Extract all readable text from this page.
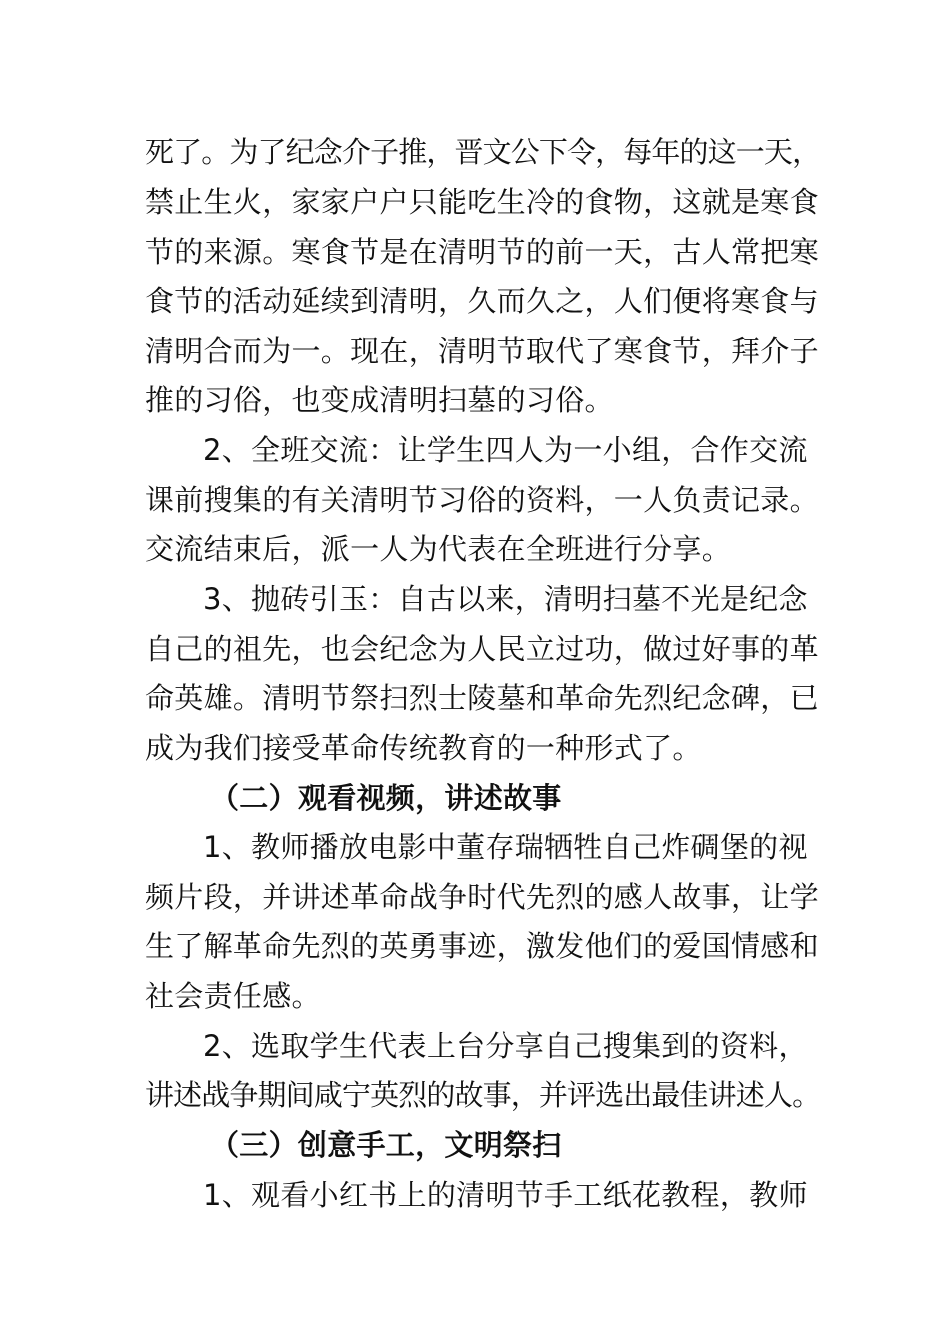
死了。为了纪念介子推，晋文公下令，每年的这一天，
禁止生火，家家户户只能吃生冷的食物，这就是寒食
节的来源。寒食节是在清明节的前一天，古人常把寒
食节的活动延续到清明，久而久之，人们便将寒食与
清明合而为一。现在，清明节取代了寒食节，拜介子
推的习俗，也变成清明扫墓的习俗。
2、全班交流：让学生四人为一小组，合作交流
课前搜集的有关清明节习俗的资料，一人负责记录。
交流结束后，派一人为代表在全班进行分享。
3、抛砖引玉：自古以来，清明扫墓不光是纪念
自己的祖先，也会纪念为人民立过功，做过好事的革
命英雄。清明节祭扫烈士陵墓和革命先烈纪念碑，已
成为我们接受革命传统教育的一种形式了。
（二）观看视频，讲述故事
1、教师播放电影中董存瑞牺牲自己炸碉堡的视
频片段，并讲述革命战争时代先烈的感人故事，让学
生了解革命先烈的英勇事迹，激发他们的爱国情感和
社会责任感。
2、选取学生代表上台分享自己搜集到的资料，
讲述战争期间咸宁英烈的故事，并评选出最佳讲述人。
（三）创意手工，文明祭扫
1、观看小红书上的清明节手工纸花教程，教师
